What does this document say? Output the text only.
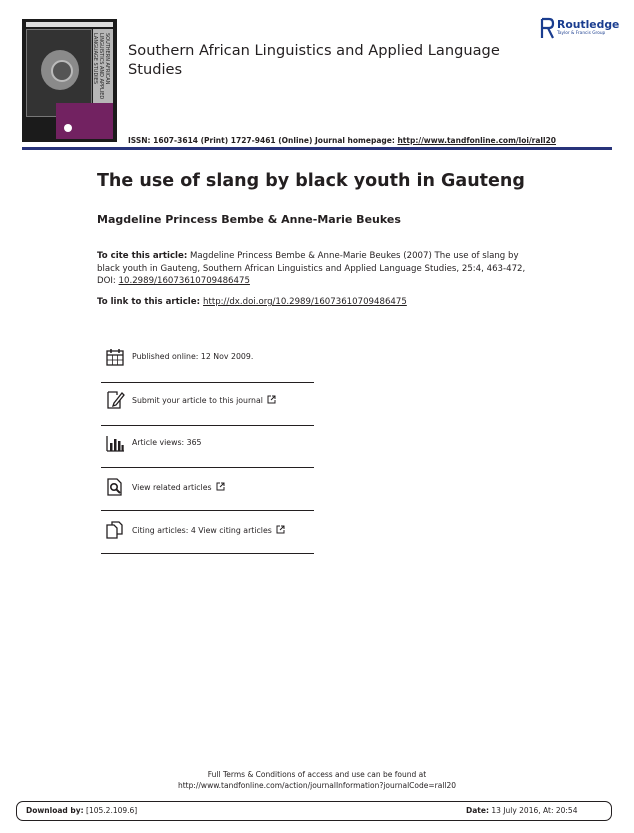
SOUTHERN AFRICAN LINGUISTICS AND APPLIED LANGUAGE STUDIES	Southern African Linguistics and Applied Language Studies
ISSN: 1607-3614 (Print) 1727-9461 (Online) Journal homepage: http://www.tandfonline.com/loi/rall20
Routledge
Taylor & Francis Group
The use of slang by black youth in Gauteng
Magdeline Princess Bembe & Anne-Marie Beukes
To cite this article: Magdeline Princess Bembe & Anne-Marie Beukes (2007) The use of slang by black youth in Gauteng, Southern African Linguistics and Applied Language Studies, 25:4, 463-472, DOI: 10.2989/16073610709486475
To link to this article: http://dx.doi.org/10.2989/16073610709486475
Published online: 12 Nov 2009.
Submit your article to this journal
Article views: 365
View related articles
Citing articles: 4 View citing articles
Full Terms & Conditions of access and use can be found at
http://www.tandfonline.com/action/journalInformation?journalCode=rall20
Download by: [105.2.109.6]	Date: 13 July 2016, At: 20:54
